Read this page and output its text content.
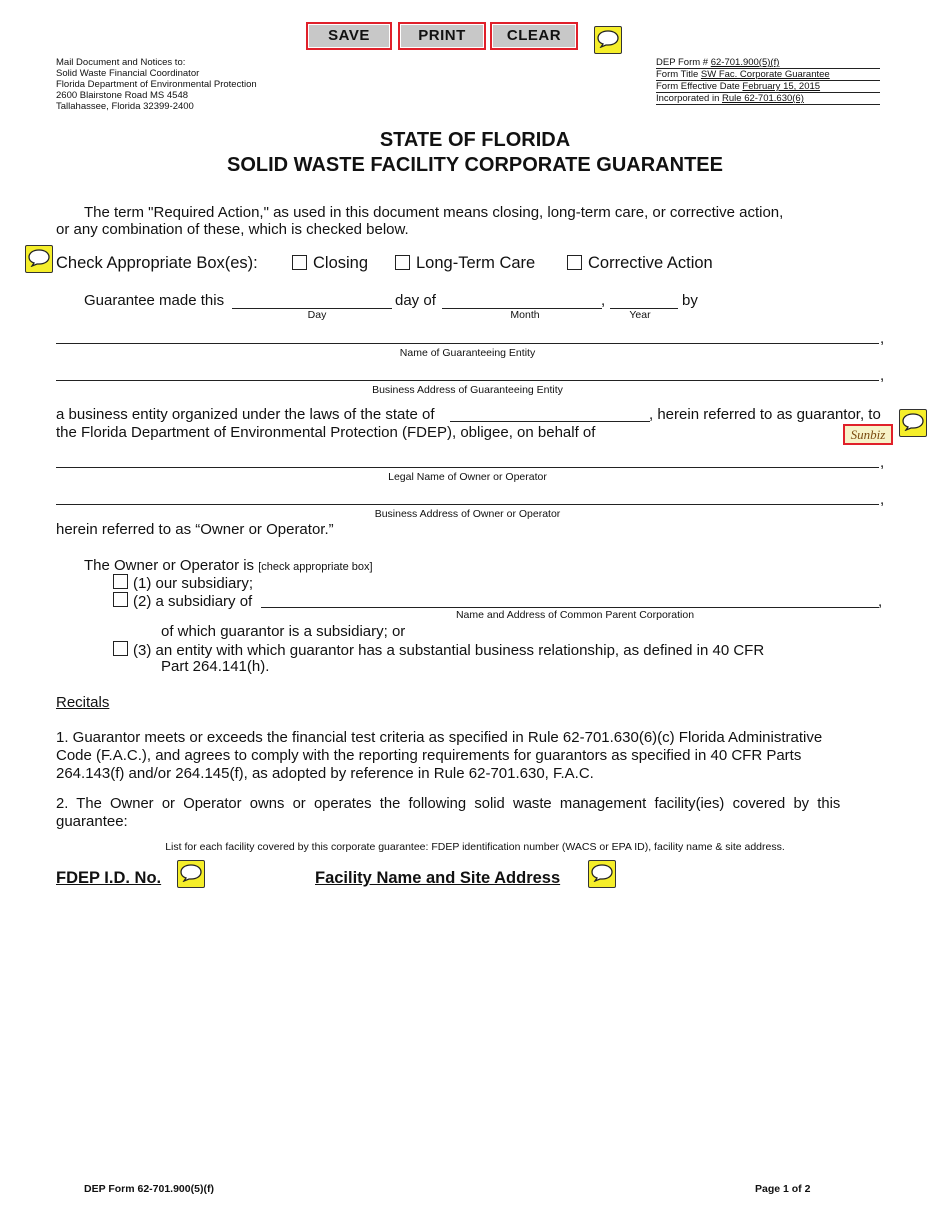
SAVE	PRINT	CLEAR
Mail Document and Notices to:
Solid Waste Financial Coordinator
Florida Department of Environmental Protection
2600 Blairstone Road MS 4548
Tallahassee, Florida 32399-2400
DEP Form # 62-701.900(5)(f)
Form Title SW Fac. Corporate Guarantee
Form Effective Date February 15, 2015
Incorporated in Rule 62-701.630(6)
STATE OF FLORIDA
SOLID WASTE FACILITY CORPORATE GUARANTEE
The term "Required Action," as used in this document means closing, long-term care, or corrective action,
or any combination of these, which is checked below.
Check Appropriate Box(es):	Closing	Long-Term Care	Corrective Action
Guarantee made this	day of	,	by
Day	Month	Year
,
Name of Guaranteeing Entity
,
Business Address of Guaranteeing Entity
a business entity organized under the laws of the state of	, herein referred to as guarantor, to
the Florida Department of Environmental Protection (FDEP), obligee, on behalf of	Sunbiz
,
Legal Name of Owner or Operator
,
Business Address of Owner or Operator
herein referred to as “Owner or Operator.”
The Owner or Operator is [check appropriate box]
(1) our subsidiary;
(2) a subsidiary of	,
Name and Address of Common Parent Corporation
of which guarantor is a subsidiary; or
(3) an entity with which guarantor has a substantial business relationship, as defined in 40 CFR
Part 264.141(h).
Recitals
1. Guarantor meets or exceeds the financial test criteria as specified in Rule 62-701.630(6)(c) Florida Administrative
Code (F.A.C.), and agrees to comply with the reporting requirements for guarantors as specified in 40 CFR Parts
264.143(f) and/or 264.145(f), as adopted by reference in Rule 62-701.630, F.A.C.
2.  The  Owner  or  Operator  owns  or  operates  the  following  solid  waste  management  facility(ies)  covered  by  this
guarantee:
List for each facility covered by this corporate guarantee: FDEP identification number (WACS or EPA ID), facility name & site address.
FDEP I.D. No.	Facility Name and Site Address
DEP Form 62-701.900(5)(f)	Page 1 of 2
